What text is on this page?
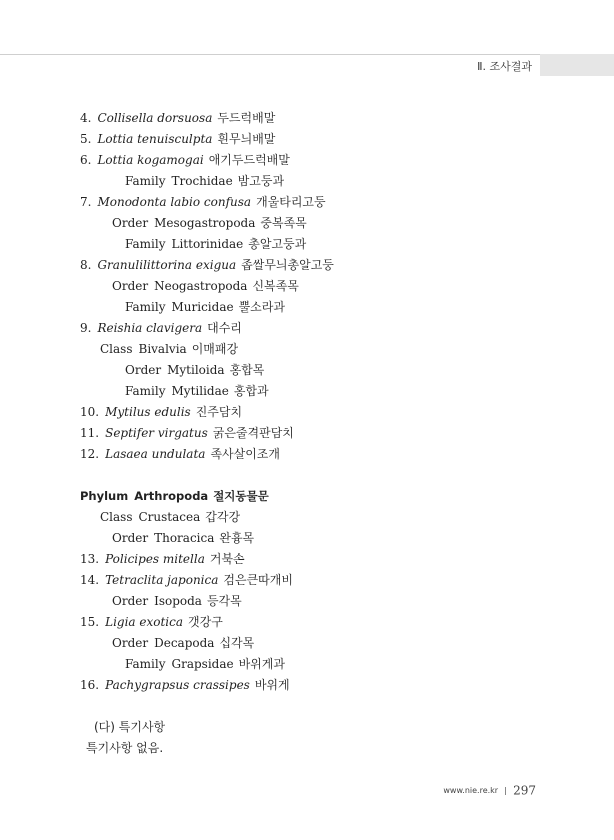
Ⅱ. 조사결과
4. Collisella dorsuosa 두드럭배말
5. Lottia tenuisculpta 흰무늬배말
6. Lottia kogamogai 애기두드럭배말
Family Trochidae 밤고둥과
7. Monodonta labio confusa 개울타리고둥
Order Mesogastropoda 중복족목
Family Littorinidae 총알고둥과
8. Granulilittorina exigua 좁쌀무늬총알고둥
Order Neogastropoda 신복족목
Family Muricidae 뿔소라과
9. Reishia clavigera 대수리
Class Bivalvia 이매패강
Order Mytiloida 홍합목
Family Mytilidae 홍합과
10. Mytilus edulis 진주담치
11. Septifer virgatus 굵은줄격판담치
12. Lasaea undulata 족사살이조개
Phylum Arthropoda 절지동물문
Class Crustacea 갑각강
Order Thoracica 완흉목
13. Policipes mitella 거북손
14. Tetraclita japonica 검은큰따개비
Order Isopoda 등각목
15. Ligia exotica 갯강구
Order Decapoda 십각목
Family Grapsidae 바위게과
16. Pachygrapsus crassipes 바위게
(다) 특기사항
특기사항 없음.
www.nie.re.kr 297
